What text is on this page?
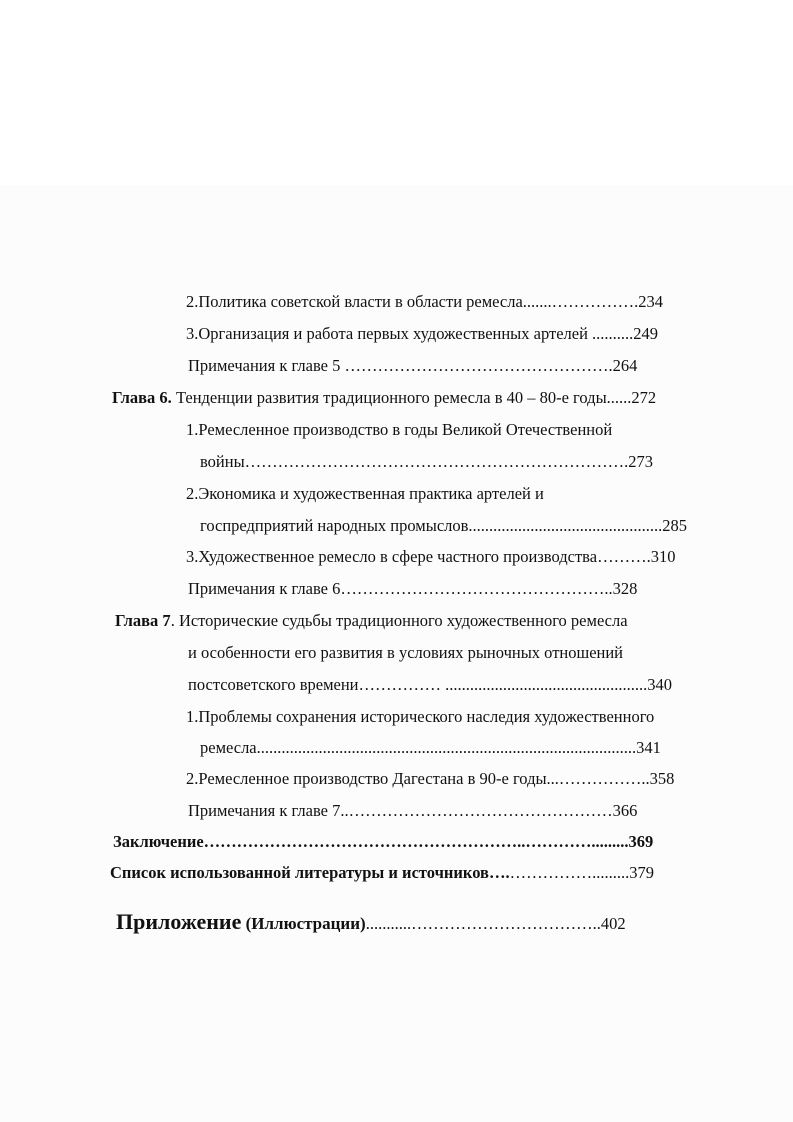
2.Политика советской власти в области ремесла.......…………….234
3.Организация и работа первых художественных артелей ..........249
Примечания к главе 5 ………………………………………….264
Глава 6. Тенденции развития традиционного ремесла в 40 – 80-е годы......272
1.Ремесленное производство в годы Великой Отечественной
войны…………………………………………………………….273
2.Экономика и художественная практика артелей и
госпредприятий народных промыслов...............................................285
3.Художественное ремесло в сфере частного производства……….310
Примечания к главе 6…………………………………………..328
Глава 7. Исторические судьбы традиционного художественного ремесла
и особенности его развития в условиях рыночных отношений
постсоветского времени…………… .................................................340
1.Проблемы сохранения исторического наследия художественного
ремесла............................................................................................341
2.Ремесленное производство Дагестана в 90-е годы...……………..358
Примечания к главе 7..…………………………………………366
Заключение…………………………………………………..………….........369
Список использованной литературы и источников….…………….........379
Приложение (Иллюстрации)...........……………………………..402
